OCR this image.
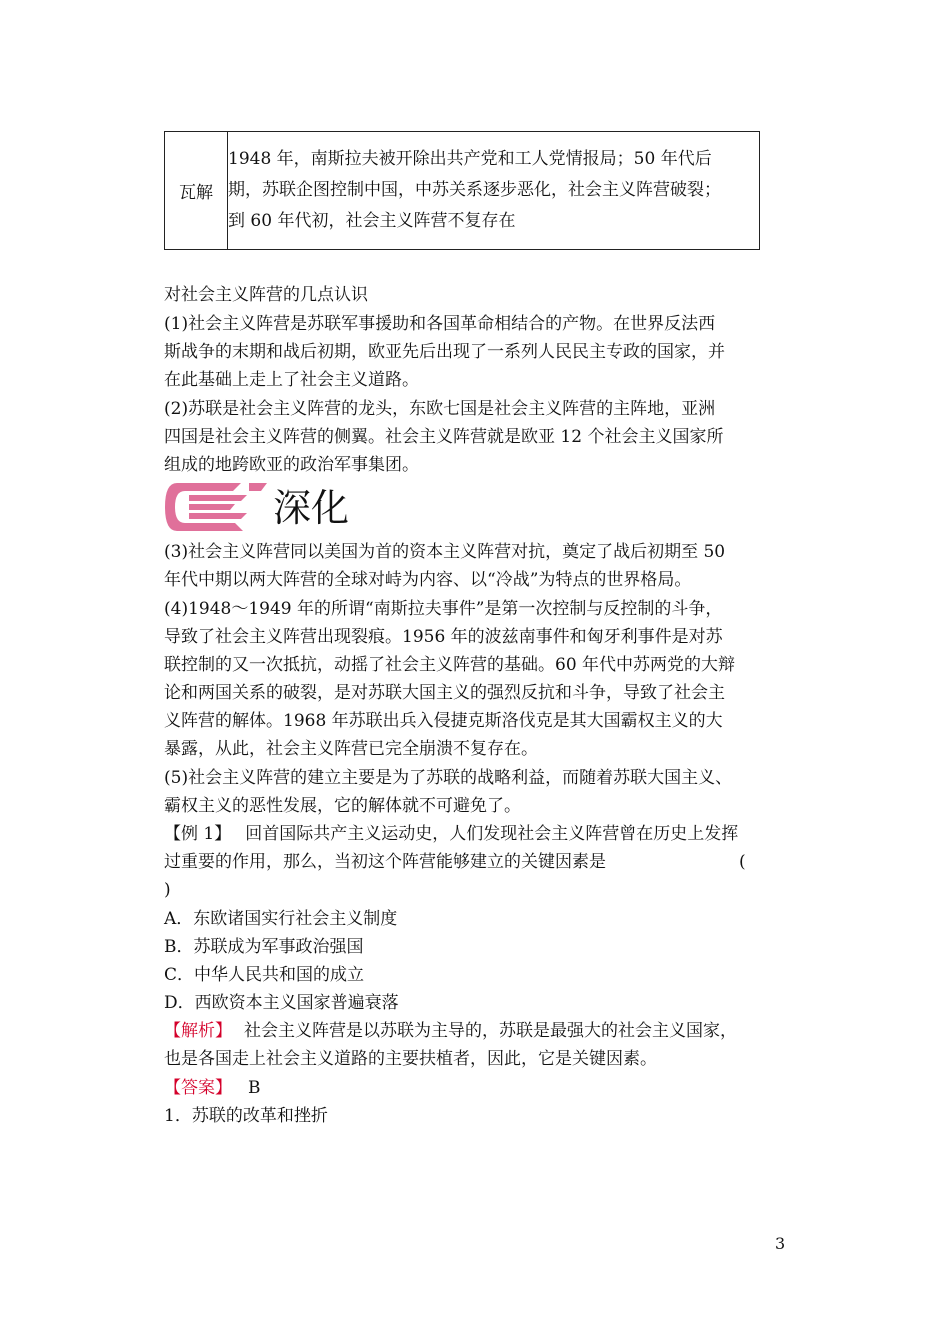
瓦解	
1948 年，南斯拉夫被开除出共产党和工人党情报局；50 年代后
期，苏联企图控制中国，中苏关系逐步恶化，社会主义阵营破裂；
到 60 年代初，社会主义阵营不复存在
对社会主义阵营的几点认识
(1)社会主义阵营是苏联军事援助和各国革命相结合的产物。在世界反法西
斯战争的末期和战后初期，欧亚先后出现了一系列人民民主专政的国家，并
在此基础上走上了社会主义道路。
(2)苏联是社会主义阵营的龙头，东欧七国是社会主义阵营的主阵地，亚洲
四国是社会主义阵营的侧翼。社会主义阵营就是欧亚 12 个社会主义国家所
组成的地跨欧亚的政治军事集团。
深化
(3)社会主义阵营同以美国为首的资本主义阵营对抗，奠定了战后初期至 50
年代中期以两大阵营的全球对峙为内容、以“冷战”为特点的世界格局。
(4)1948～1949 年的所谓“南斯拉夫事件”是第一次控制与反控制的斗争，
导致了社会主义阵营出现裂痕。1956 年的波兹南事件和匈牙利事件是对苏
联控制的又一次抵抗，动摇了社会主义阵营的基础。60 年代中苏两党的大辩
论和两国关系的破裂，是对苏联大国主义的强烈反抗和斗争，导致了社会主
义阵营的解体。1968 年苏联出兵入侵捷克斯洛伐克是其大国霸权主义的大
暴露，从此，社会主义阵营已完全崩溃不复存在。
(5)社会主义阵营的建立主要是为了苏联的战略利益，而随着苏联大国主义、
霸权主义的恶性发展，它的解体就不可避免了。
【例 1】 回首国际共产主义运动史，人们发现社会主义阵营曾在历史上发挥
过重要的作用，那么，当初这个阵营能够建立的关键因素是	(
)
A．东欧诸国实行社会主义制度
B．苏联成为军事政治强国
C．中华人民共和国的成立
D．西欧资本主义国家普遍衰落
【解析】 社会主义阵营是以苏联为主导的，苏联是最强大的社会主义国家，
也是各国走上社会主义道路的主要扶植者，因此，它是关键因素。
【答案】 B
1．苏联的改革和挫折
3
